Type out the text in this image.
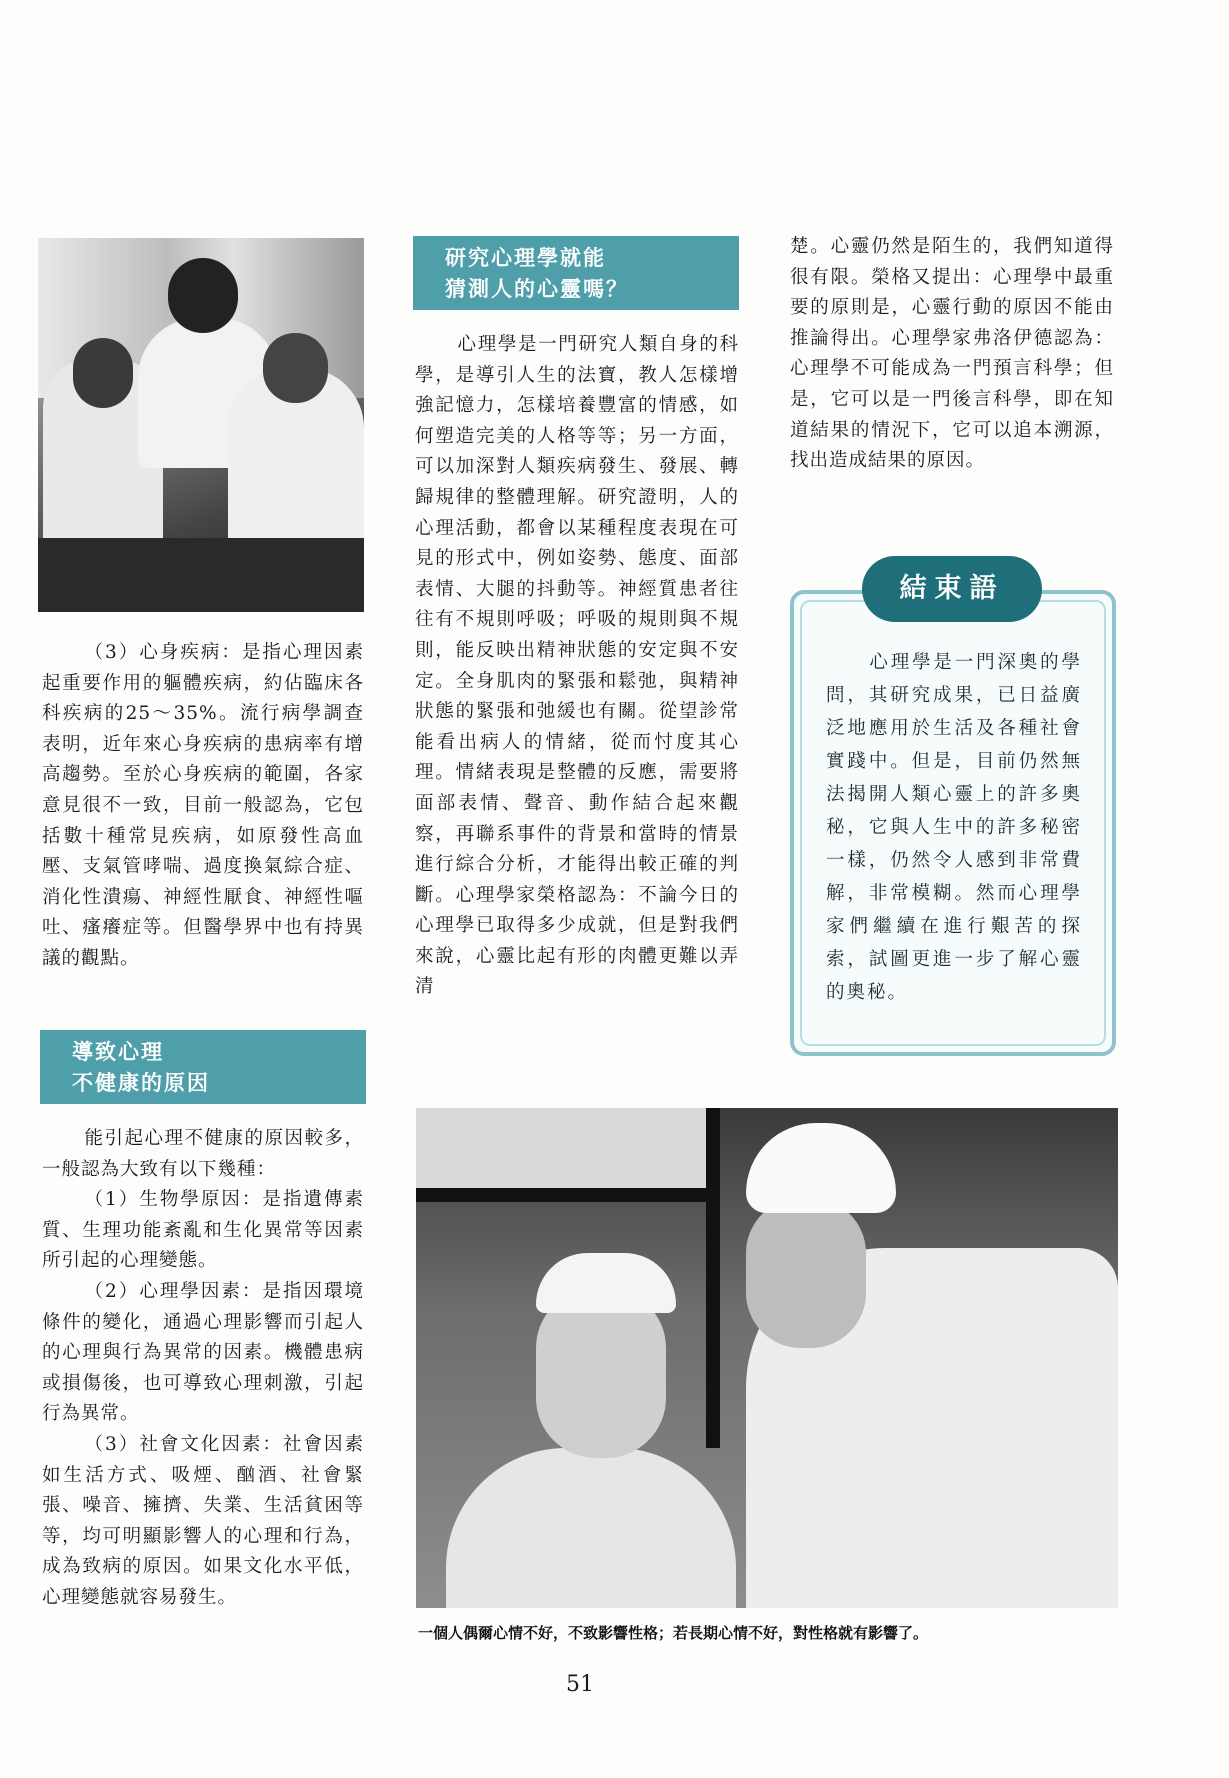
（3）心身疾病：是指心理因素起重要作用的軀體疾病，約佔臨床各科疾病的25～35%。流行病學調查表明，近年來心身疾病的患病率有增高趨勢。至於心身疾病的範圍，各家意見很不一致，目前一般認為，它包括數十種常見疾病，如原發性高血壓、支氣管哮喘、過度換氣綜合症、消化性潰瘍、神經性厭食、神經性嘔吐、瘙癢症等。但醫學界中也有持異議的觀點。

導致心理
不健康的原因

能引起心理不健康的原因較多，一般認為大致有以下幾種：

（1）生物學原因：是指遺傳素質、生理功能紊亂和生化異常等因素所引起的心理變態。

（2）心理學因素：是指因環境條件的變化，通過心理影響而引起人的心理與行為異常的因素。機體患病或損傷後，也可導致心理刺激，引起行為異常。

（3）社會文化因素：社會因素如生活方式、吸煙、酗酒、社會緊張、噪音、擁擠、失業、生活貧困等等，均可明顯影響人的心理和行為，成為致病的原因。如果文化水平低，心理變態就容易發生。

研究心理學就能
猜測人的心靈嗎？

心理學是一門研究人類自身的科學，是導引人生的法寶，教人怎樣增強記憶力，怎樣培養豐富的情感，如何塑造完美的人格等等；另一方面，可以加深對人類疾病發生、發展、轉歸規律的整體理解。研究證明，人的心理活動，都會以某種程度表現在可見的形式中，例如姿勢、態度、面部表情、大腿的抖動等。神經質患者往往有不規則呼吸；呼吸的規則與不規則，能反映出精神狀態的安定與不安定。全身肌肉的緊張和鬆弛，與精神狀態的緊張和弛緩也有關。從望診常能看出病人的情緒，從而忖度其心理。情緒表現是整體的反應，需要將面部表情、聲音、動作結合起來觀察，再聯系事件的背景和當時的情景進行綜合分析，才能得出較正確的判斷。心理學家榮格認為：不論今日的心理學已取得多少成就，但是對我們來說，心靈比起有形的肉體更難以弄清

楚。心靈仍然是陌生的，我們知道得很有限。榮格又提出：心理學中最重要的原則是，心靈行動的原因不能由推論得出。心理學家弗洛伊德認為：心理學不可能成為一門預言科學；但是，它可以是一門後言科學，即在知道結果的情況下，它可以追本溯源，找出造成結果的原因。

心理學是一門深奧的學問，其研究成果，已日益廣泛地應用於生活及各種社會實踐中。但是，目前仍然無法揭開人類心靈上的許多奧秘，它與人生中的許多秘密一樣，仍然令人感到非常費解，非常模糊。然而心理學家們繼續在進行艱苦的探索，試圖更進一步了解心靈的奧秘。

結束語
一個人偶爾心情不好，不致影響性格；若長期心情不好，對性格就有影響了。
51
